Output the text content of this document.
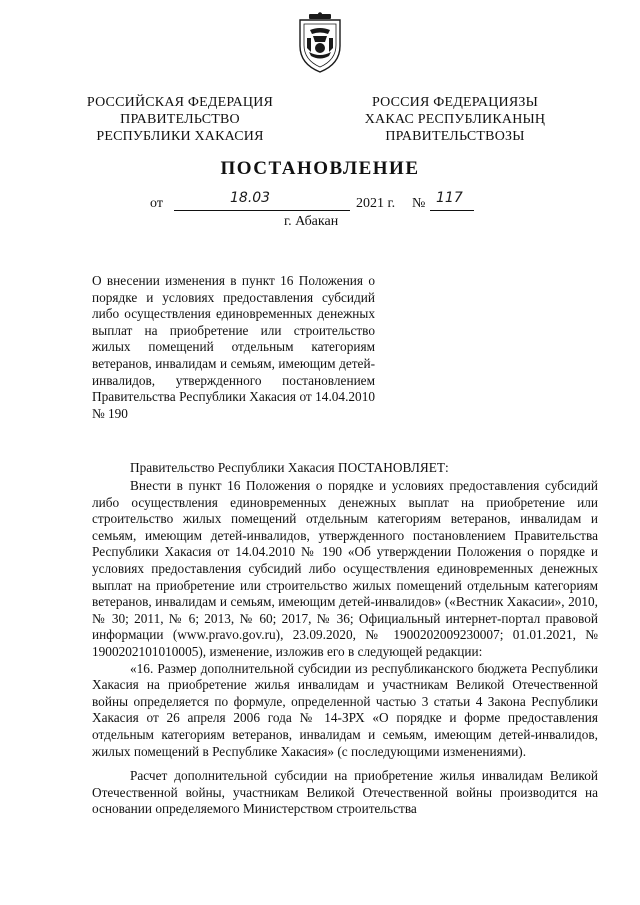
РОССИЙСКАЯ ФЕДЕРАЦИЯ
ПРАВИТЕЛЬСТВО
РЕСПУБЛИКИ ХАКАСИЯ
РОССИЯ ФЕДЕРАЦИЯЗЫ
ХАКАС РЕСПУБЛИКАНЫҢ
ПРАВИТЕЛЬСТВОЗЫ
ПОСТАНОВЛЕНИЕ
от	18.03	2021 г. № 117
г. Абакан
О внесении изменения в пункт 16 Положения о порядке и условиях предоставления субсидий либо осуществления единовременных денежных выплат на приобретение или строительство жилых помещений отдельным категориям ветеранов, инвалидам и семьям, имеющим детей-инвалидов, утвержденного постановлением Правительства Республики Хакасия от 14.04.2010 № 190
Правительство Республики Хакасия ПОСТАНОВЛЯЕТ:

Внести в пункт 16 Положения о порядке и условиях предоставления субсидий либо осуществления единовременных денежных выплат на приобретение или строительство жилых помещений отдельным категориям ветеранов, инвалидам и семьям, имеющим детей-инвалидов, утвержденного постановлением Правительства Республики Хакасия от 14.04.2010 № 190 «Об утверждении Положения о порядке и условиях предоставления субсидий либо осуществления единовременных денежных выплат на приобретение или строительство жилых помещений отдельным категориям ветеранов, инвалидам и семьям, имеющим детей-инвалидов» («Вестник Хакасии», 2010, № 30; 2011, № 6; 2013, № 60; 2017, № 36; Официальный интернет-портал правовой информации (www.pravo.gov.ru), 23.09.2020, № 1900202009230007; 01.01.2021, № 1900202101010005), изменение, изложив его в следующей редакции:

«16. Размер дополнительной субсидии из республиканского бюджета Республики Хакасия на приобретение жилья инвалидам и участникам Великой Отечественной войны определяется по формуле, определенной частью 3 статьи 4 Закона Республики Хакасия от 26 апреля 2006 года № 14-ЗРХ «О порядке и форме предоставления отдельным категориям ветеранов, инвалидам и семьям, имеющим детей-инвалидов, жилых помещений в Республике Хакасия» (с последующими изменениями).

Расчет дополнительной субсидии на приобретение жилья инвалидам Великой Отечественной войны, участникам Великой Отечественной войны производится на основании определяемого Министерством строительства
